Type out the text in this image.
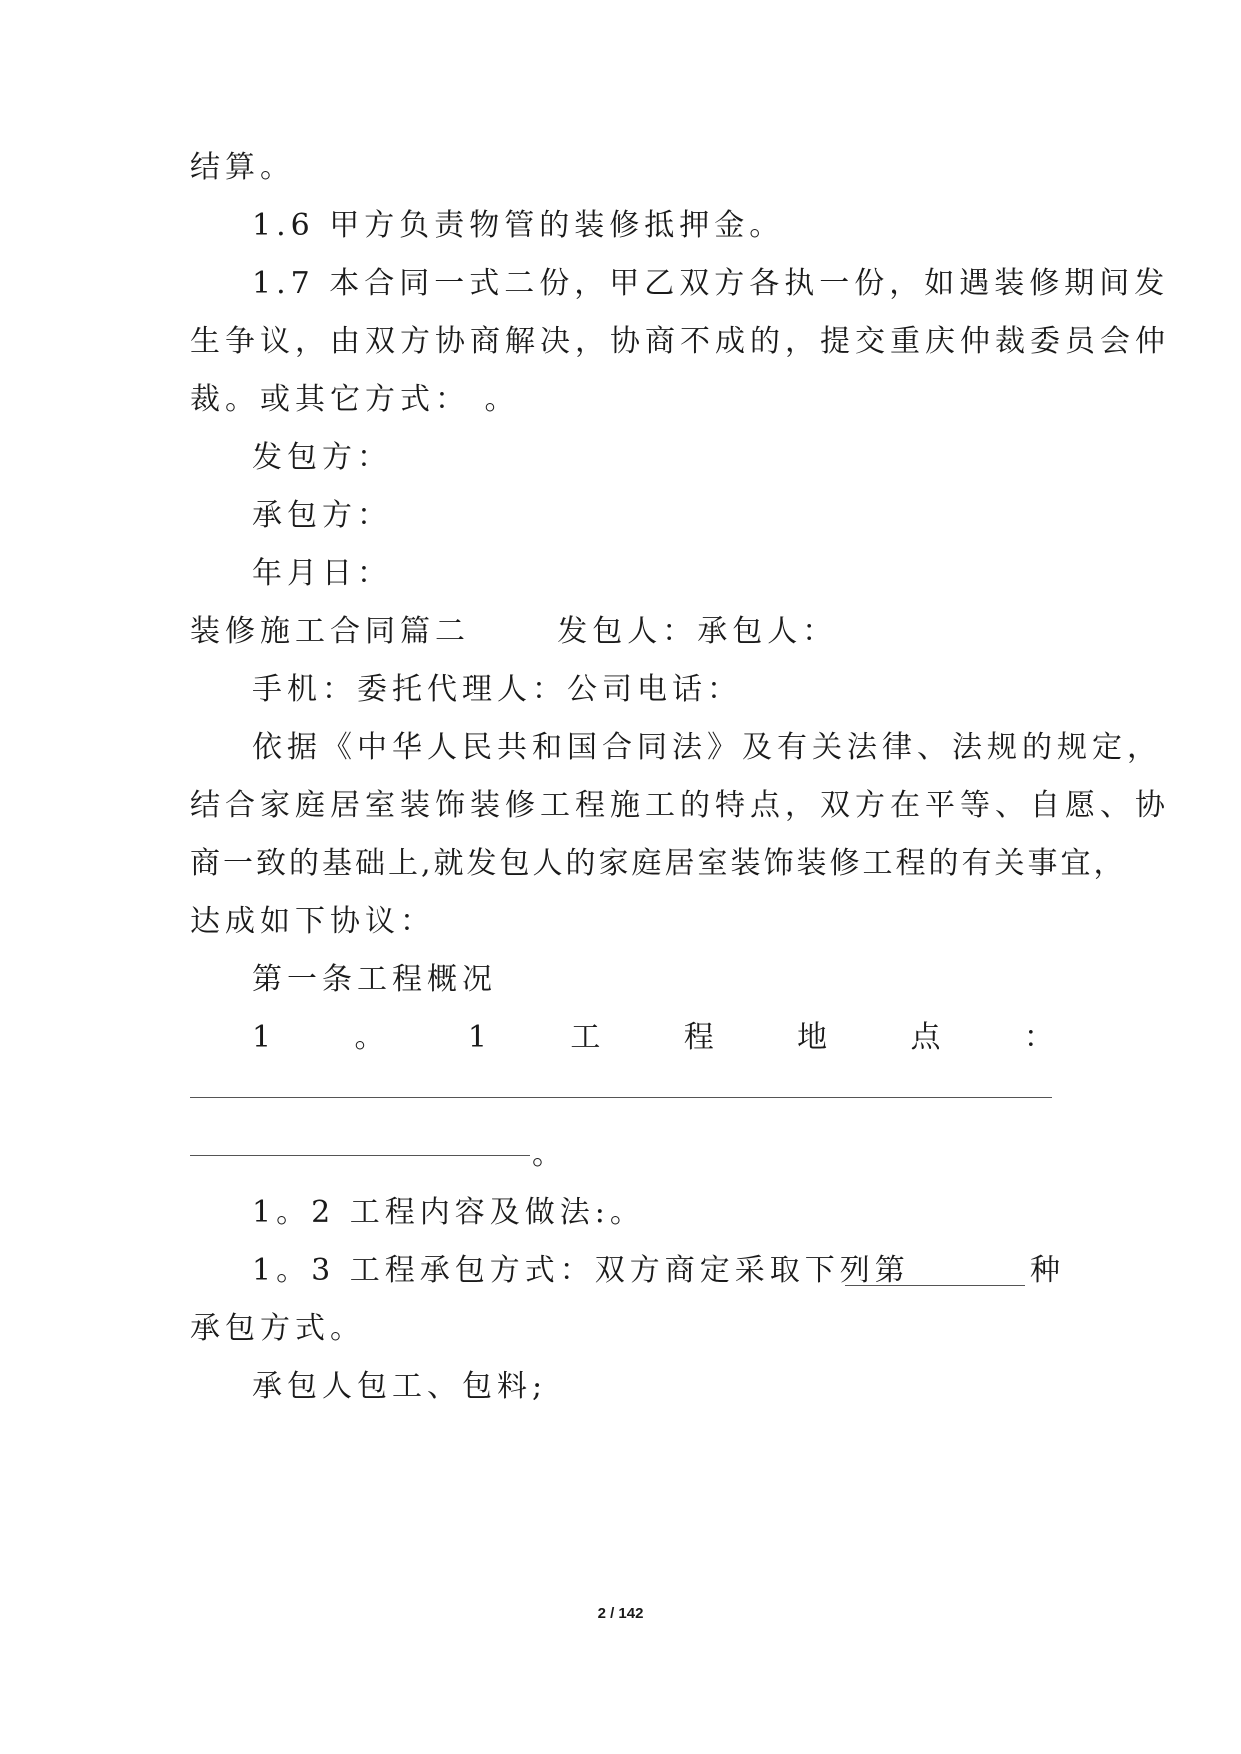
结算。
1.6 甲方负责物管的装修抵押金。
1.7 本合同一式二份，甲乙双方各执一份，如遇装修期间发
生争议，由双方协商解决，协商不成的，提交重庆仲裁委员会仲
裁。或其它方式： 。
发包方：
承包方：
年月日：
装修施工合同篇二      发包人：承包人：
手机：委托代理人：公司电话：
依据《中华人民共和国合同法》及有关法律、法规的规定，
结合家庭居室装饰装修工程施工的特点，双方在平等、自愿、协
商一致的基础上,就发包人的家庭居室装饰装修工程的有关事宜，
达成如下协议：
第一条工程概况
1	。	1	工	程	地	点	：
。
1。2 工程内容及做法:。
1。3 工程承包方式：双方商定采取下列第	种
承包方式。
承包人包工、包料;
2 / 142
